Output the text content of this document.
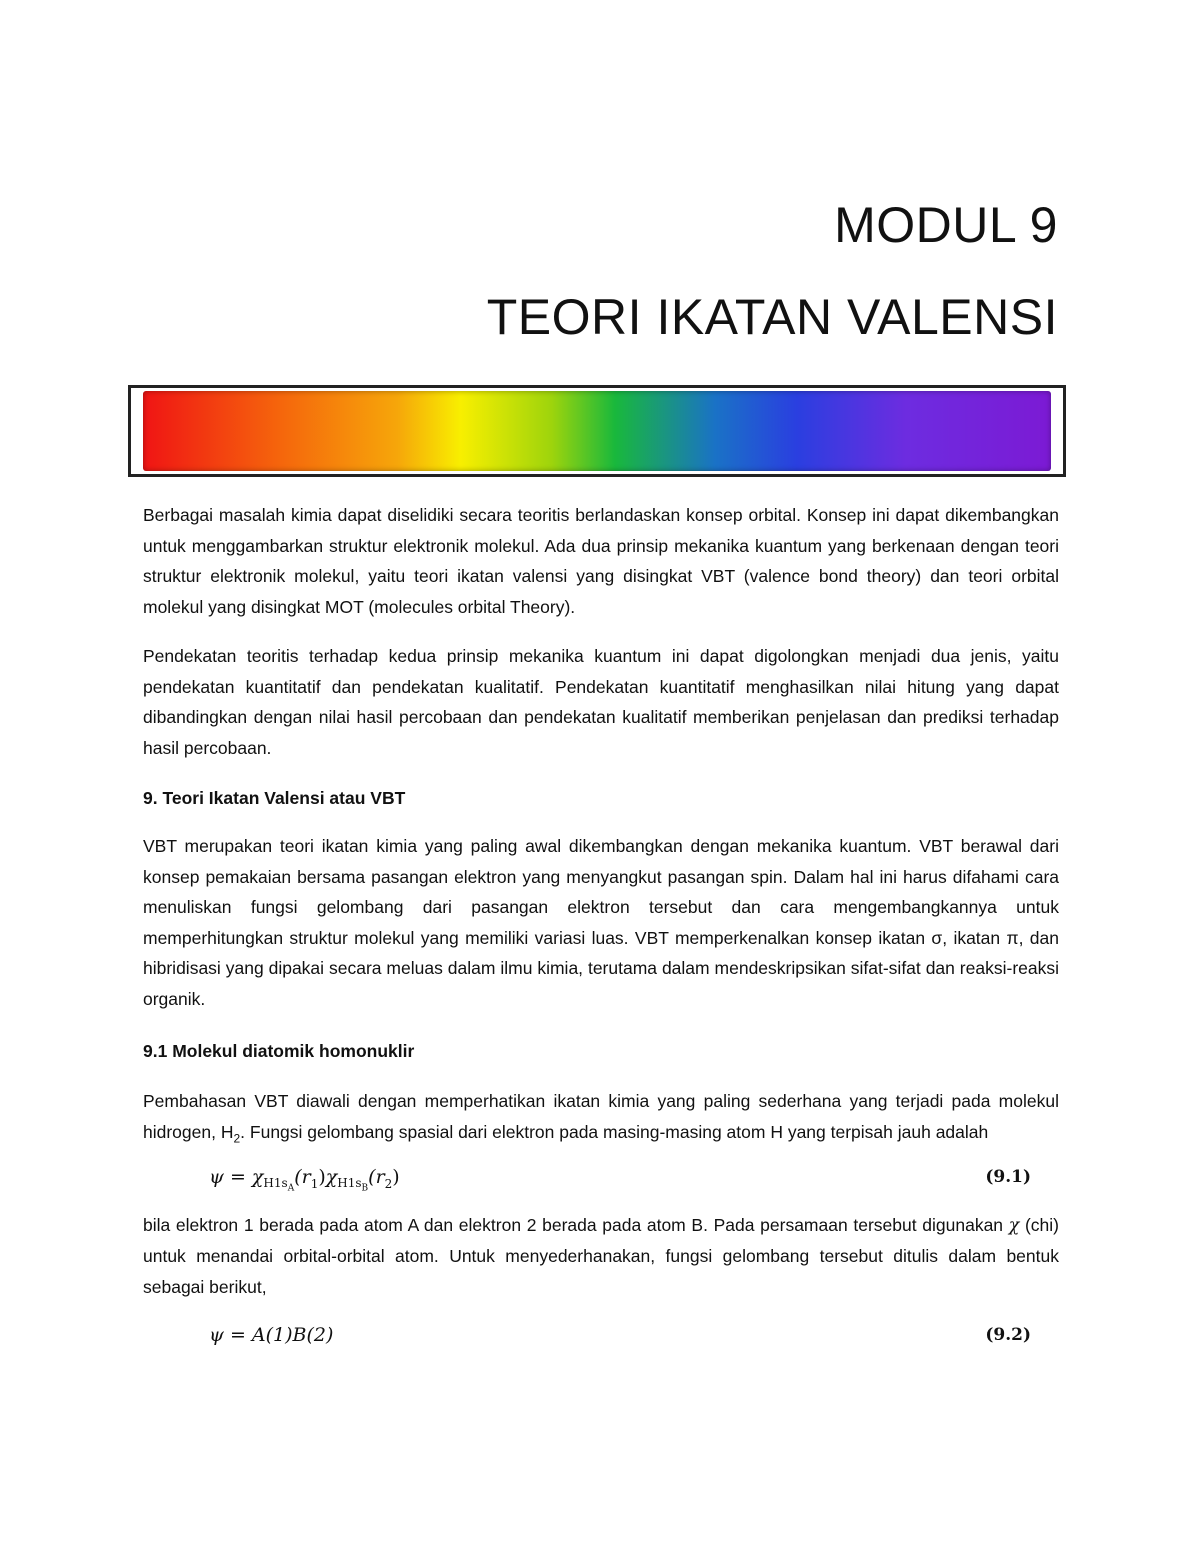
MODUL 9
TEORI IKATAN VALENSI

Berbagai masalah kimia dapat diselidiki secara teoritis berlandaskan konsep orbital. Konsep ini dapat dikembangkan untuk menggambarkan struktur elektronik molekul. Ada dua prinsip mekanika kuantum yang berkenaan dengan teori struktur elektronik molekul, yaitu teori ikatan valensi yang disingkat VBT (valence bond theory) dan teori orbital molekul yang disingkat MOT (molecules orbital Theory).

Pendekatan teoritis terhadap kedua prinsip mekanika kuantum ini dapat digolongkan menjadi dua jenis, yaitu pendekatan kuantitatif dan pendekatan kualitatif. Pendekatan kuantitatif menghasilkan nilai hitung yang dapat dibandingkan dengan nilai hasil percobaan dan pendekatan kualitatif memberikan penjelasan dan prediksi terhadap hasil percobaan.

9. Teori Ikatan Valensi atau VBT

VBT merupakan teori ikatan kimia yang paling awal dikembangkan dengan mekanika kuantum. VBT berawal dari konsep pemakaian bersama pasangan elektron yang menyangkut pasangan spin. Dalam hal ini harus difahami cara menuliskan fungsi gelombang dari pasangan elektron tersebut dan cara mengembangkannya untuk memperhitungkan struktur molekul yang memiliki variasi luas. VBT memperkenalkan konsep ikatan σ, ikatan π, dan hibridisasi yang dipakai secara meluas dalam ilmu kimia, terutama dalam mendeskripsikan sifat-sifat dan reaksi-reaksi organik.

9.1 Molekul diatomik homonuklir

Pembahasan VBT diawali dengan memperhatikan ikatan kimia yang paling sederhana yang terjadi pada molekul hidrogen, $H_2$. Fungsi gelombang spasial dari elektron pada masing-masing atom H yang terpisah jauh adalah

$\psi = \chi_{H1s_A}(r_1)\chi_{H1s_B}(r_2)$	(9.1)

bila elektron 1 berada pada atom A dan elektron 2 berada pada atom B. Pada persamaan tersebut digunakan χ (chi) untuk menandai orbital-orbital atom. Untuk menyederhanakan, fungsi gelombang tersebut ditulis dalam bentuk sebagai berikut,

ψ = A(1)B(2)	(9.2)
